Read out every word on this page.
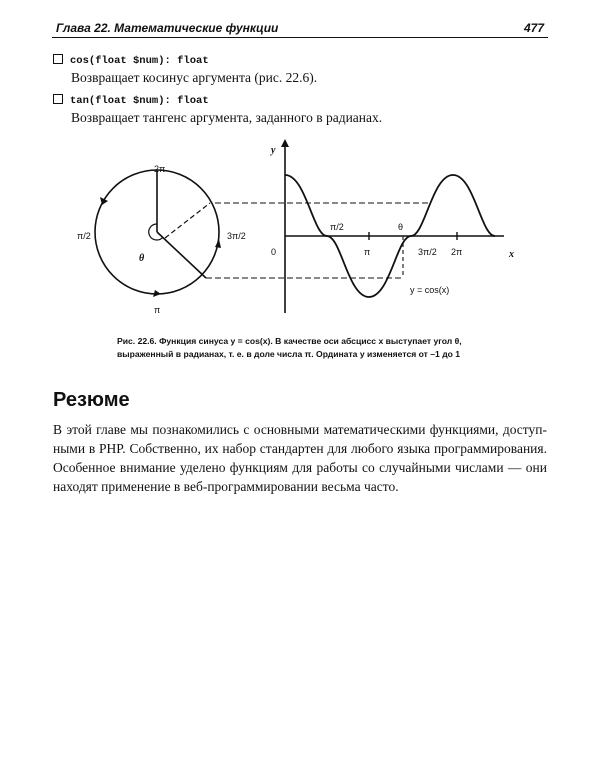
Глава 22. Математические функции	477
cos(float $num): float
Возвращает косинус аргумента (рис. 22.6).
tan(float $num): float
Возвращает тангенс аргумента, заданного в радианах.
2π
π/2	3π/2
π
θ
y
x
0
π/2	θ
π	3π/2 2π
y = cos(x)
Рис. 22.6. Функция синуса y = cos(x). В качестве оси абсцисс x выступает угол θ,
выраженный в радианах, т. е. в доле числа π. Ордината y изменяется от –1 до 1
Резюме
В этой главе мы познакомились с основными математическими функциями, доступ-
ными в PHP. Собственно, их набор стандартен для любого языка программирования.
Особенное внимание уделено функциям для работы со случайными числами — они
находят применение в веб-программировании весьма часто.
